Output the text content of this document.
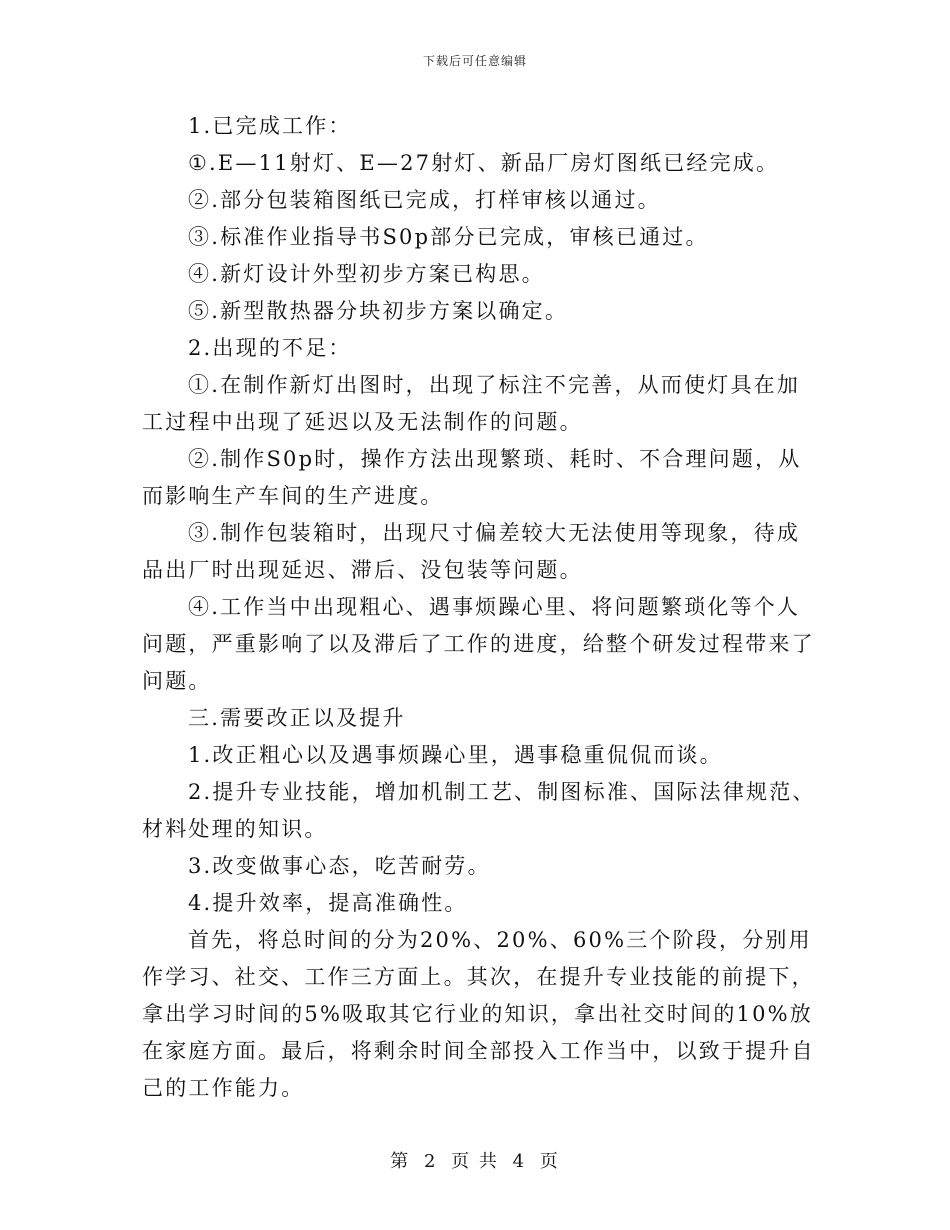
下载后可任意编辑

1.已完成工作：

①.E—11射灯、E—27射灯、新品厂房灯图纸已经完成。

②.部分包装箱图纸已完成，打样审核以通过。

③.标准作业指导书S0p部分已完成，审核已通过。

④.新灯设计外型初步方案已构思。

⑤.新型散热器分块初步方案以确定。

2.出现的不足：

①.在制作新灯出图时，出现了标注不完善，从而使灯具在加工过程中出现了延迟以及无法制作的问题。

②.制作S0p时，操作方法出现繁琐、耗时、不合理问题，从而影响生产车间的生产进度。

③.制作包装箱时，出现尺寸偏差较大无法使用等现象，待成品出厂时出现延迟、滞后、没包装等问题。

④.工作当中出现粗心、遇事烦躁心里、将问题繁琐化等个人问题，严重影响了以及滞后了工作的进度，给整个研发过程带来了问题。

三.需要改正以及提升

1.改正粗心以及遇事烦躁心里，遇事稳重侃侃而谈。

2.提升专业技能，增加机制工艺、制图标准、国际法律规范、材料处理的知识。

3.改变做事心态，吃苦耐劳。

4.提升效率，提高准确性。

首先，将总时间的分为20%、20%、60%三个阶段，分别用作学习、社交、工作三方面上。其次，在提升专业技能的前提下，拿出学习时间的5%吸取其它行业的知识，拿出社交时间的10%放在家庭方面。最后，将剩余时间全部投入工作当中，以致于提升自己的工作能力。

第 2 页 共 4 页
